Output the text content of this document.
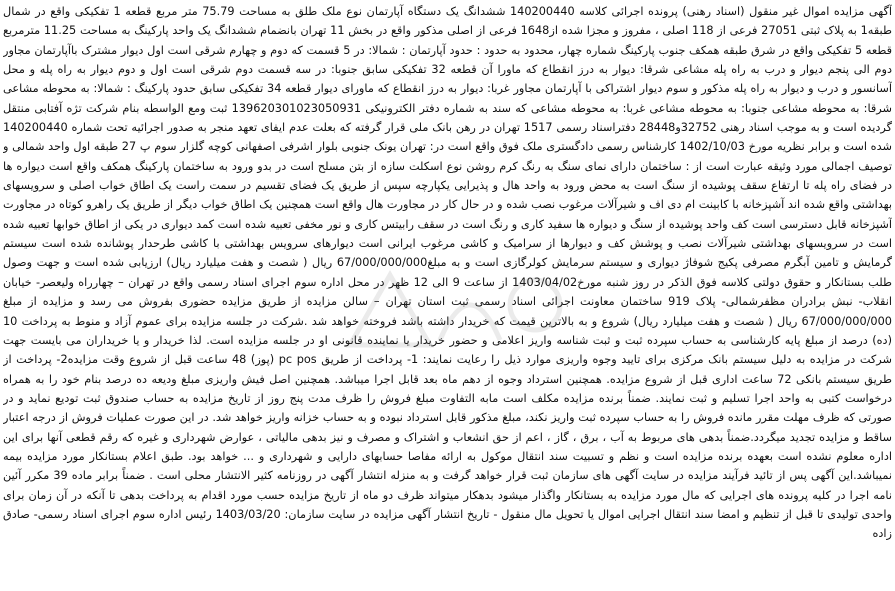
آگهی مزایده اموال غیر منقول (اسناد رهنی) پرونده اجرائی کلاسه 140200440 ششدانگ یک دستگاه آپارتمان نوع ملک طلق به مساحت 75.79 متر مربع قطعه 1 تفکیکی واقع در شمال طبقه1 به پلاک ثبتی 27051 فرعی از 118 اصلی ، مفروز و مجزا شده از1648 فرعی از اصلی مذکور واقع در بخش 11 تهران بانضمام ششدانگ یک واحد پارکینگ به مساحت 11.25 مترمربع قطعه 5 تفکیکی واقع در شرق طبقه همکف جنوب پارکینگ شماره چهار، محدود به حدود : حدود آپارتمان : شمالا: در 5 قسمت که دوم و چهارم شرقی است اول دیوار مشترک باآپارتمان مجاور دوم الی پنجم دیوار و درب به راه پله مشاعی شرقا: دیوار به درز انقطاع که ماورا آن قطعه 32 تفکیکی سابق جنوبا: در سه قسمت دوم شرقی است اول و دوم دیوار به راه پله و محل آسانسور و درب و دیوار به راه پله مذکور و سوم دیوار اشتراکی با آپارتمان مجاور غربا: دیوار به درز انقطاع که ماورای دیوار قطعه 34 تفکیکی سابق حدود پارکینگ : شمالا: به محوطه مشاعی شرقا: به محوطه مشاعی جنوبا: به محوطه مشاعی غربا: به محوطه مشاعی که سند به شماره دفتر الکترونیکی 139620301023050931 ثبت ومع الواسطه بنام شرکت تژه آفتابی منتقل گردیده است و به موجب اسناد رهنی 32752و28448 دفتراسناد رسمی 1517 تهران در رهن بانک ملی قرار گرفته که بعلت عدم ایفای تعهد منجر به صدور اجرائیه تحت شماره 140200440 شده است و برابر نظریه مورخ 1402/10/03 کارشناس رسمی دادگستری ملک فوق واقع است در: تهران یونک جنوبی بلوار اشرفی اصفهانی کوچه گلزار سوم پ 27 طبقه اول واحد شمالی و توصیف اجمالی مورد وثیقه عبارت است از : ساختمان دارای نمای سنگ به رنگ کرم روشن نوع اسکلت سازه از بتن مسلح است در بدو ورود به ساختمان پارکینگ همکف واقع است دیواره ها در فضای راه پله تا ارتفاع سقف پوشیده از سنگ است به محض ورود به واحد هال و پذیرایی یکپارچه سپس از طریق یک فضای تقسیم در سمت راست یک اطاق خواب اصلی و سرویسهای بهداشتی واقع شده اند آشپزخانه با کابینت ام دی اف و شیرآلات مرغوب نصب شده و در حال کار در مجاورت هال واقع است همچنین یک اطاق خواب دیگر از طریق یک راهرو کوتاه در مجاورت آشپزخانه قابل دسترسی است کف واحد پوشیده از سنگ و دیواره ها سفید کاری و رنگ است در سقف رابیتس کاری و نور مخفی تعبیه شده است کمد دیواری در یکی از اطاق خوابها تعبیه شده است در سرویسهای بهداشتی شیرآلات نصب و پوشش کف و دیوارها از سرامیک و کاشی مرغوب ایرانی است دیوارهای سرویس بهداشتی با کاشی طرحدار پوشانده شده است سیستم گرمایش و تامین آبگرم مصرفی پکیج شوفاژ دیواری و سیستم سرمایش کولرگازی است و به مبلغ67/000/000/000 ریال ( شصت و هفت میلیارد ریال) ارزیابی شده است و جهت وصول طلب بستانکار و حقوق دولتی کلاسه فوق الذکر در روز شنبه مورخ1403/04/02 از ساعت 9 الی 12 ظهر در محل اداره سوم اجرای اسناد رسمی واقع در تهران – چهارراه ولیعصر- خیابان انقلاب- نبش برادران مظفرشمالی- پلاک 919 ساختمان معاونت اجرائی اسناد رسمی ثبت استان تهران – سالن مزایده از طریق مزایده حضوری بفروش می رسد و مزایده از مبلغ 67/000/000/000 ریال ( شصت و هفت میلیارد ریال) شروع و به بالاترین قیمت که خریدار داشته باشد فروخته خواهد شد .شرکت در جلسه مزایده برای عموم آزاد و منوط به پرداخت 10 (ده) درصد از مبلغ پایه کارشناسی به حساب سپرده ثبت و ثبت شناسه واریز اعلامی و حضور خریدار یا نماینده قانونی او در جلسه مزایده است. لذا خریدار و یا خریداران می بایست جهت شرکت در مزایده به دلیل سیستم بانک مرکزی برای تایید وجوه واریزی موارد ذیل را رعایت نمایند: 1- پرداخت از طریق pc pos (پوز) 48 ساعت قبل از شروع وقت مزایده2- پرداخت از طریق سیستم بانکی 72 ساعت اداری قبل از شروع مزایده. همچنین استرداد وجوه از دهم ماه بعد قابل اجرا میباشد. همچنین اصل فیش واریزی مبلغ ودیعه ده درصد بنام خود را به همراه درخواست کتبی به واحد اجرا تسلیم و ثبت نمایند. ضمناً برنده مزایده مکلف است مابه التفاوت مبلغ فروش را ظرف مدت پنج روز از تاریخ مزایده به حساب صندوق ثبت تودیع نماید و در صورتی که ظرف مهلت مقرر مانده فروش را به حساب سپرده ثبت واریز نکند، مبلغ مذکور قابل استرداد نبوده و به حساب خزانه واریز خواهد شد. در این صورت عملیات فروش از درجه اعتبار ساقط و مزایده تجدید میگردد.ضمناً بدهی های مربوط به آب ، برق ، گاز ، اعم از حق انشعاب و اشتراک و مصرف و نیز بدهی مالیاتی ، عوارض شهرداری و غیره که رقم قطعی آنها برای این اداره معلوم نشده است بعهده برنده مزایده است و نظم و تسبیت سند انتقال موکول به ارائه مفاصا حسابهای دارایی و شهرداری و ... خواهد بود. طبق اعلام بستانکار مورد مزایده بیمه نمیباشد.این آگهی پس از تائید فرآیند مزایده در سایت آگهی های سازمان ثبت قرار خواهد گرفت و به منزله انتشار آگهی در روزنامه کثیر الانتشار محلی است . ضمناً برابر ماده 39 مکرر آئین نامه اجرا در کلیه پرونده های اجرایی که مال مورد مزایده به بستانکار واگذار میشود بدهکار میتواند ظرف دو ماه از تاریخ مزایده حسب مورد اقدام به پرداخت بدهی تا آنکه در آن زمان برای واحدی تولیدی تا قبل از تنظیم و امضا سند انتقال اجرایی اموال یا تحویل مال منقول - تاریخ انتشار آگهی مزایده در سایت سازمان: 1403/03/20 رئیس اداره سوم اجرای اسناد رسمی- صادق زاده
